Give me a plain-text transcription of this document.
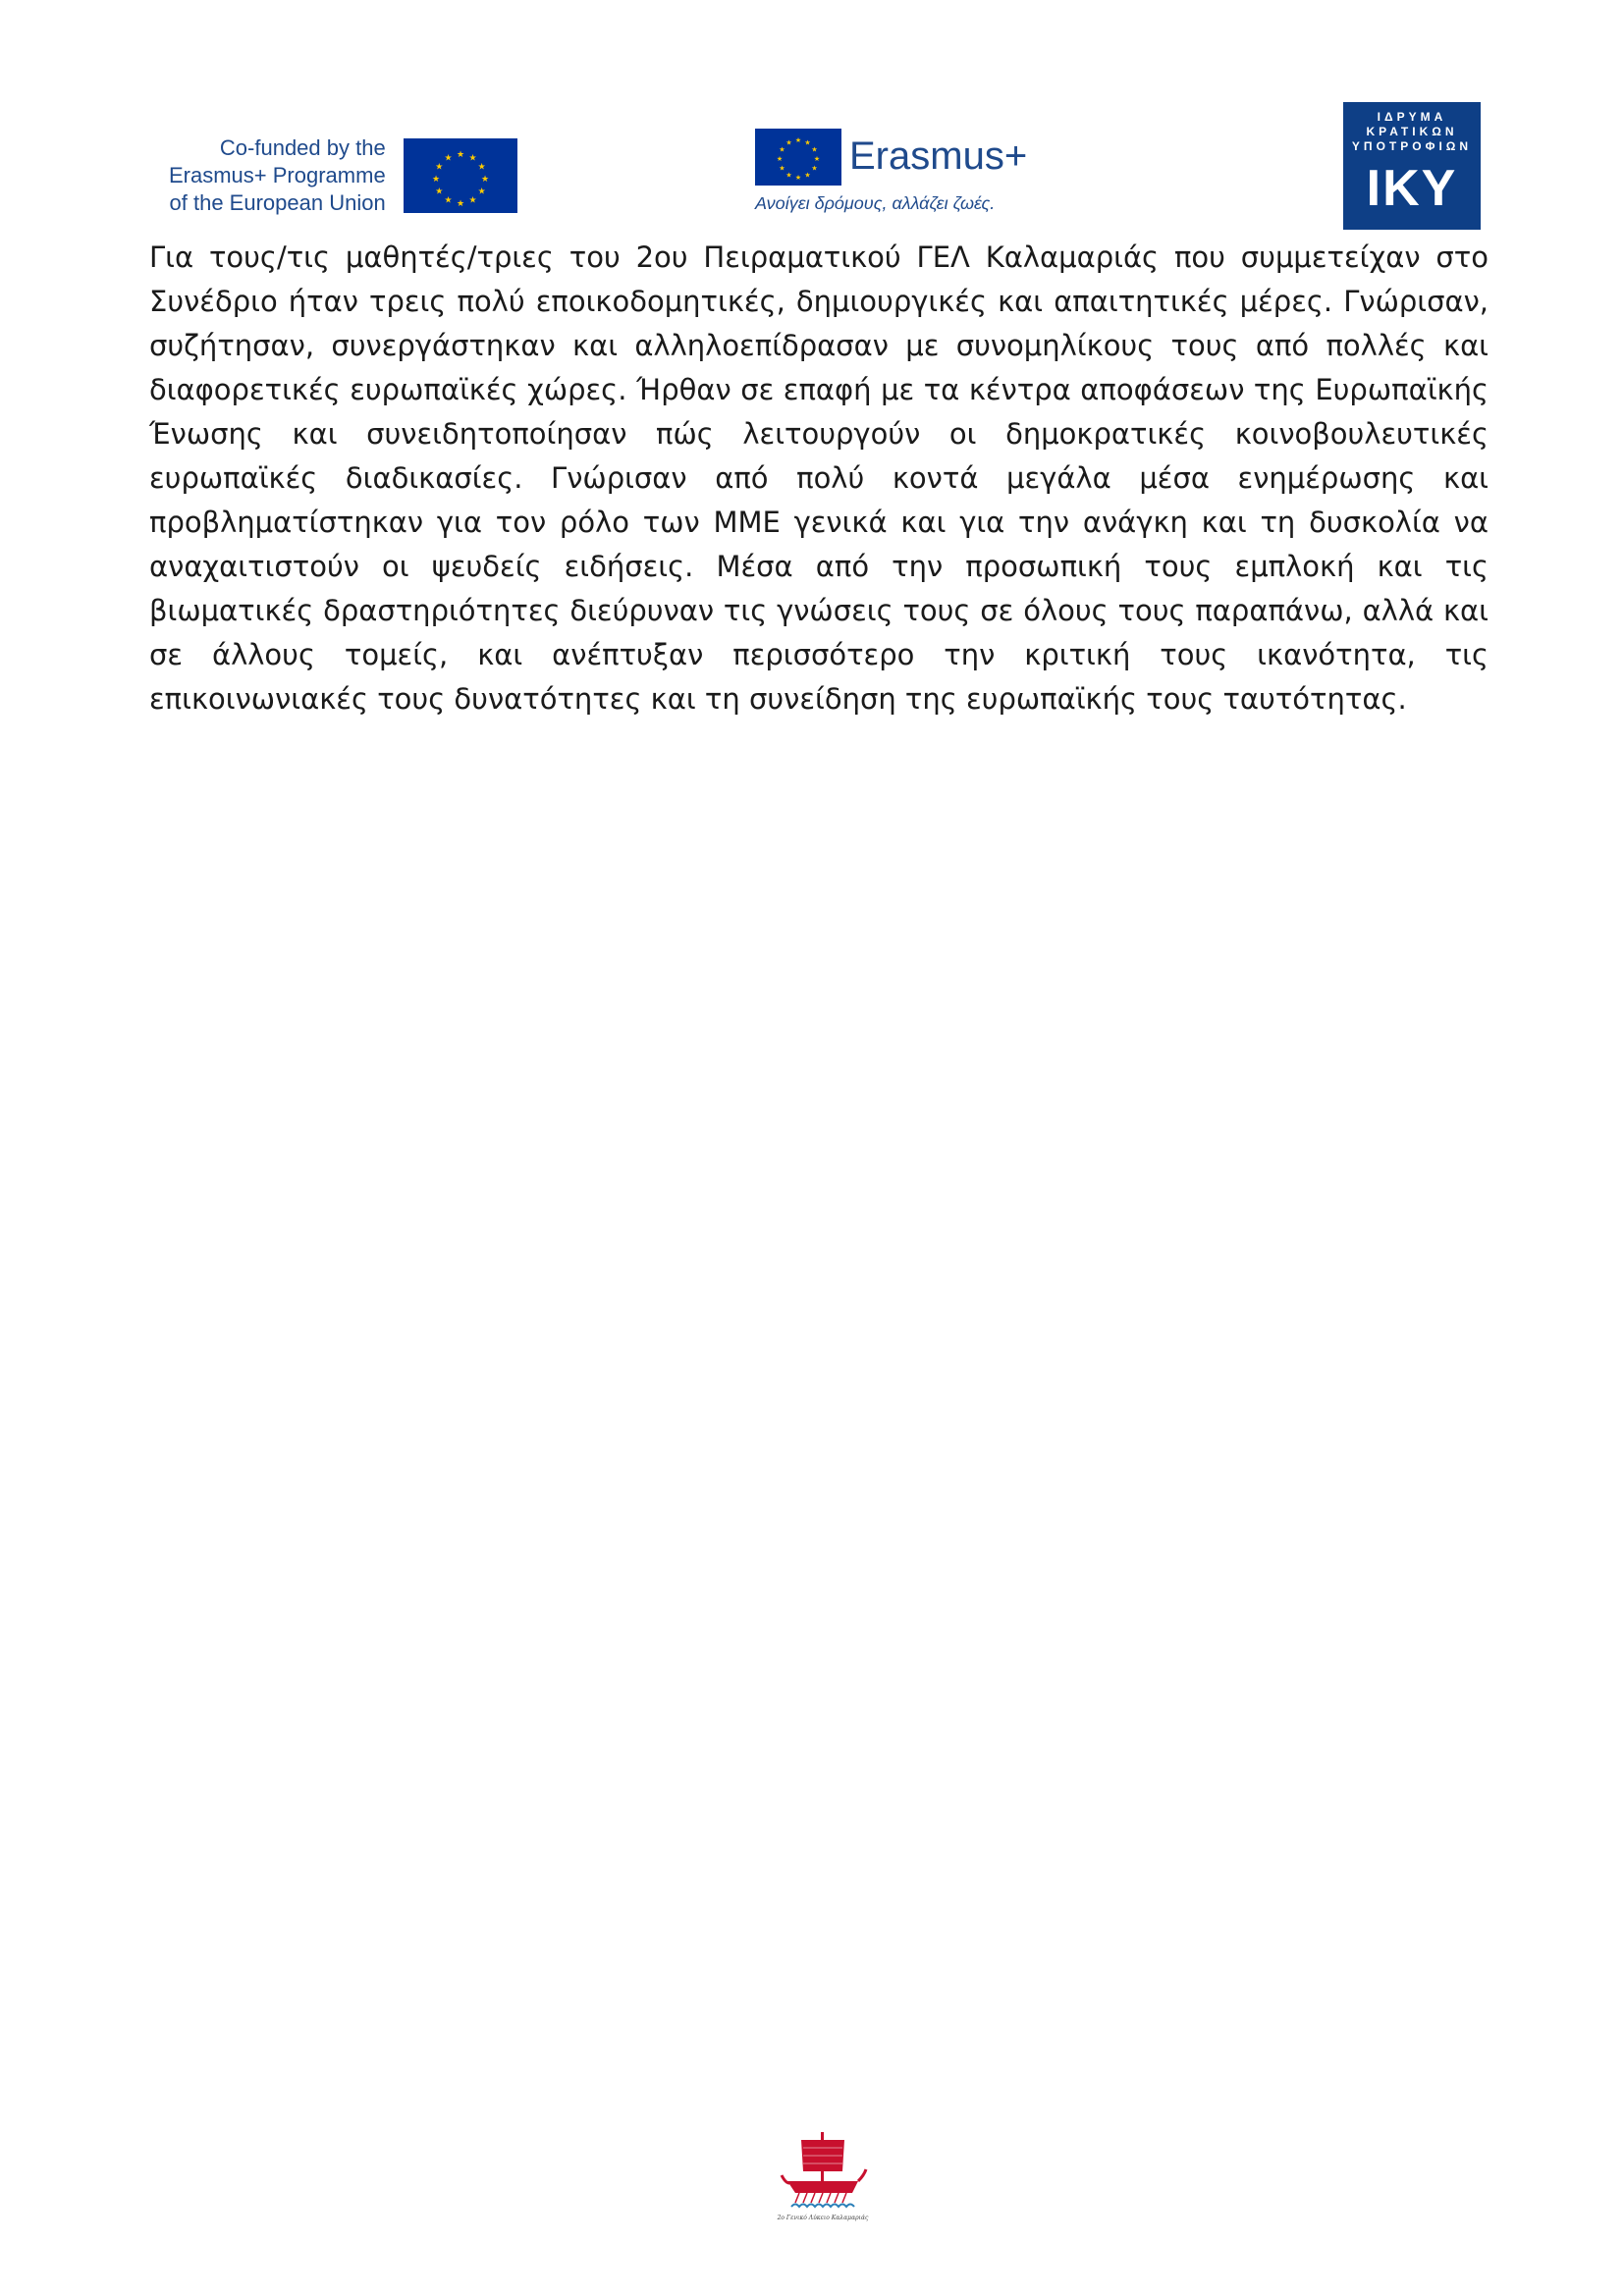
Co-funded by the
Erasmus+ Programme
of the European Union
★ ★
★
★
★
★
★
★
★
★
★
★
★ ★
★
★
★
★
★
★
★
★
★
★ Erasmus+
Ανοίγει δρόμους, αλλάζει ζωές.
ΙΔΡΥΜΑ
ΚΡΑΤΙΚΩΝ
ΥΠΟΤΡΟΦΙΩΝ
ΙΚΥ

Για τους/τις μαθητές/τριες του 2ου Πειραματικού ΓΕΛ Καλαμαριάς που συμμετείχαν στο Συνέδριο ήταν τρεις πολύ εποικοδομητικές, δημιουργικές και απαιτητικές μέρες. Γνώρισαν, συζήτησαν, συνεργάστηκαν και αλληλοεπίδρασαν με συνομηλίκους τους από πολλές και διαφορετικές ευρωπαϊκές χώρες. Ήρθαν σε επαφή με τα κέντρα αποφάσεων της Ευρωπαϊκής Ένωσης και συνειδητοποίησαν πώς λειτουργούν οι δημοκρατικές κοινοβουλευτικές ευρωπαϊκές διαδικασίες. Γνώρισαν από πολύ κοντά μεγάλα μέσα ενημέρωσης και προβληματίστηκαν για τον ρόλο των ΜΜΕ γενικά και για την ανάγκη και τη δυσκολία να αναχαιτιστούν οι ψευδείς ειδήσεις. Μέσα από την προσωπική τους εμπλοκή και τις βιωματικές δραστηριότητες διεύρυναν τις γνώσεις τους σε όλους τους παραπάνω, αλλά και σε άλλους τομείς, και ανέπτυξαν περισσότερο την κριτική τους ικανότητα, τις επικοινωνιακές τους δυνατότητες και τη συνείδηση της ευρωπαϊκής τους ταυτότητας.

2ο Γενικό Λύκειο Καλαμαριάς
